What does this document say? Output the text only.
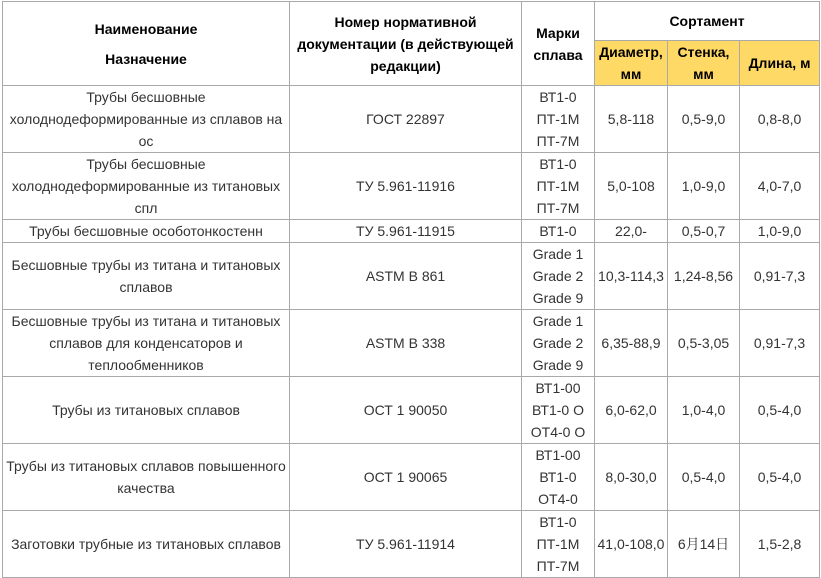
Наименование
Назначение	Номер нормативной документации (в действующей редакции)	Марки сплава	Сортамент		
			Диаметр, мм	Стенка, мм	Длина, м
Трубы бесшовные холоднодеформированные из сплавов на ос	ГОСТ 22897	ВТ1-0
ПТ-1М
ПТ-7М	5,8-118	0,5-9,0	0,8-8,0
Трубы бесшовные холоднодеформированные из титановых спл	ТУ 5.961-11916	ВТ1-0
ПТ-1М
ПТ-7М	5,0-108	1,0-9,0	4,0-7,0
Трубы бесшовные особотонкостенн	ТУ 5.961-11915	ВТ1-0	22,0-	0,5-0,7	1,0-9,0
Бесшовные трубы из титана и титановых сплавов	ASTM B 861	Grade 1
Grade 2
Grade 9	10,3-114,3	1,24-8,56	0,91-7,3
Бесшовные трубы из титана и титановых сплавов для конденсаторов и теплообменников	ASTM B 338	Grade 1
Grade 2
Grade 9	6,35-88,9	0,5-3,05	0,91-7,3
Трубы из титановых сплавов	ОСТ 1 90050	ВТ1-00
ВТ1-0 О
ОТ4-0 О	6,0-62,0	1,0-4,0	0,5-4,0
Трубы из титановых сплавов повышенного качества	ОСТ 1 90065	ВТ1-00
ВТ1-0
ОТ4-0	8,0-30,0	0,5-4,0	0,5-4,0
Заготовки трубные из титановых сплавов	ТУ 5.961-11914	ВТ1-0
ПТ-1М
ПТ-7М	41,0-108,0	6月14日	1,5-2,8
